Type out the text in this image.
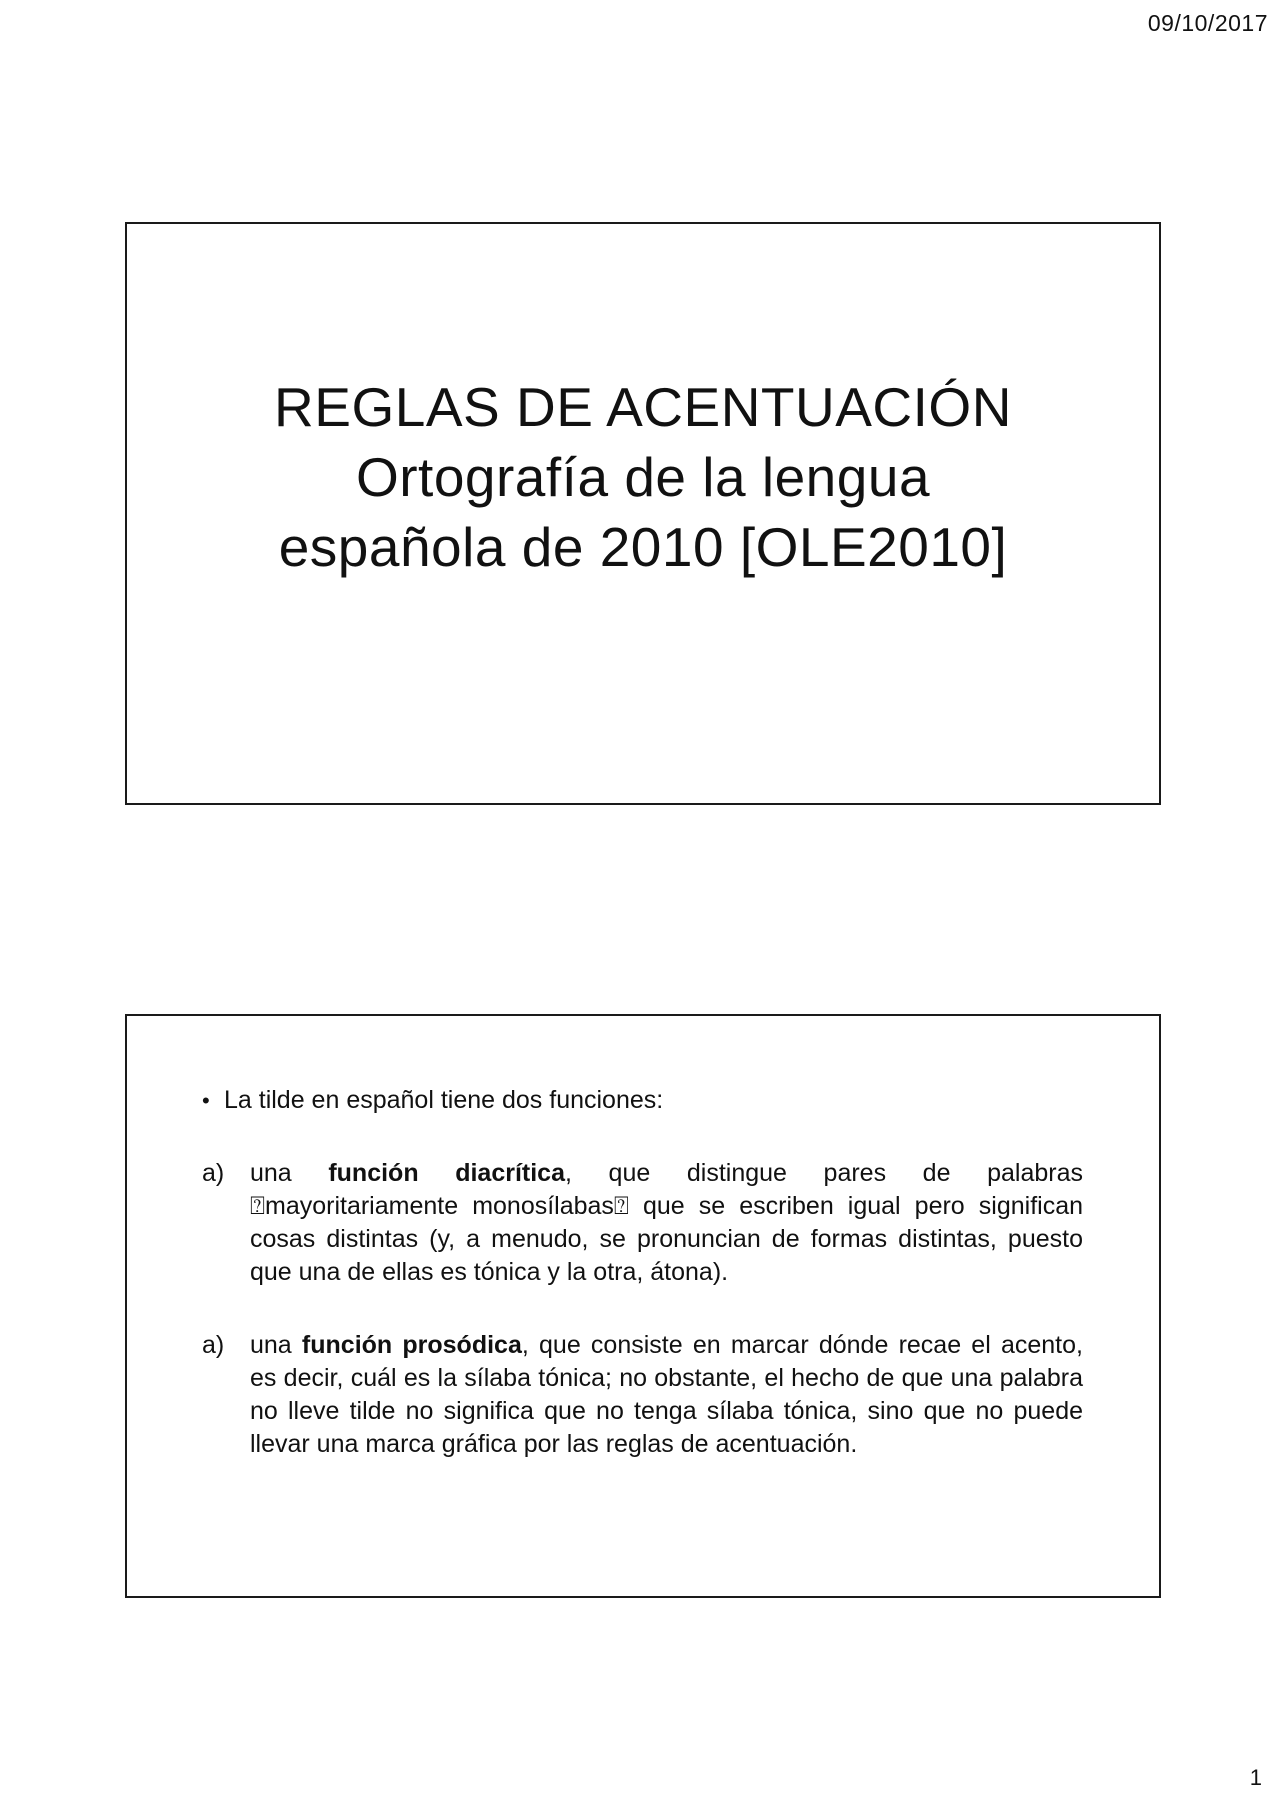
09/10/2017
REGLAS DE ACENTUACIÓN
Ortografía de la lengua
española de 2010 [OLE2010]
• La tilde en español tiene dos funciones:
a)	una función diacrítica, que distingue pares de palabras ⍰mayoritariamente monosílabas⍰ que se escriben igual pero significan cosas distintas (y, a menudo, se pronuncian de formas distintas, puesto que una de ellas es tónica y la otra, átona).
a)	una función prosódica, que consiste en marcar dónde recae el acento, es decir, cuál es la sílaba tónica; no obstante, el hecho de que una palabra no lleve tilde no significa que no tenga sílaba tónica, sino que no puede llevar una marca gráfica por las reglas de acentuación.
1
